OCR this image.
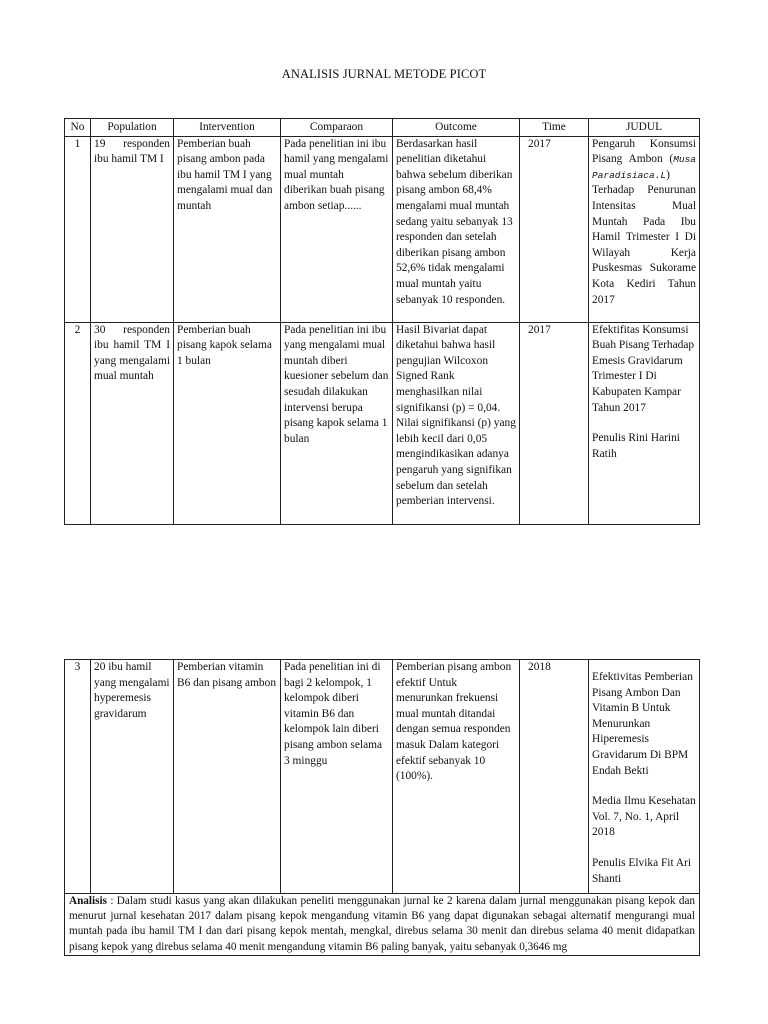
ANALISIS JURNAL METODE PICOT
No	Population	Intervention	Comparaon	Outcome	Time	JUDUL
1	19 responden ibu hamil TM I	Pemberian buah pisang ambon pada ibu hamil TM I yang mengalami mual dan muntah	Pada penelitian ini ibu hamil yang mengalami mual muntah diberikan buah pisang ambon setiap......	Berdasarkan hasil penelitian diketahui bahwa sebelum diberikan pisang ambon 68,4% mengalami mual muntah sedang yaitu sebanyak 13 responden dan setelah diberikan pisang ambon 52,6% tidak mengalami mual muntah yaitu sebanyak 10 responden.	2017	Pengaruh Konsumsi Pisang Ambon (Musa Paradisiaca.L) Terhadap Penurunan Intensitas Mual Muntah Pada Ibu Hamil Trimester I Di Wilayah Kerja Puskesmas Sukorame Kota Kediri Tahun 2017
2	30 responden ibu hamil TM I yang mengalami mual muntah	Pemberian buah pisang kapok selama 1 bulan	Pada penelitian ini ibu yang mengalami mual muntah diberi kuesioner sebelum dan sesudah dilakukan intervensi berupa pisang kapok selama 1 bulan	Hasil Bivariat dapat diketahui bahwa hasil pengujian Wilcoxon Signed Rank menghasilkan nilai signifikansi (p) = 0,04. Nilai signifikansi (p) yang lebih kecil dari 0,05 mengindikasikan adanya pengaruh yang signifikan sebelum dan setelah pemberian intervensi.	2017	Efektifitas Konsumsi Buah Pisang Terhadap Emesis Gravidarum Trimester I Di Kabupaten Kampar Tahun 2017
Penulis Rini Harini Ratih
3	20 ibu hamil yang mengalami hyperemesis gravidarum	Pemberian vitamin B6 dan pisang ambon	Pada penelitian ini di bagi 2 kelompok, 1 kelompok diberi vitamin B6 dan kelompok lain diberi pisang ambon selama 3 minggu	Pemberian pisang ambon efektif Untuk menurunkan frekuensi mual muntah ditandai dengan semua responden masuk Dalam kategori efektif sebanyak 10 (100%).	2018	
Efektivitas Pemberian Pisang Ambon Dan Vitamin B Untuk Menurunkan Hiperemesis Gravidarum Di BPM Endah Bekti
Media Ilmu Kesehatan Vol. 7, No. 1, April 2018
Penulis Elvika Fit Ari Shanti

Analisis : Dalam studi kasus yang akan dilakukan peneliti menggunakan jurnal ke 2 karena dalam jurnal menggunakan pisang kepok dan menurut jurnal kesehatan 2017 dalam pisang kepok mengandung vitamin B6 yang dapat digunakan sebagai alternatif mengurangi mual muntah pada ibu hamil TM I dan dari pisang kepok mentah, mengkal, direbus selama 30 menit dan direbus selama 40 menit didapatkan pisang kepok yang direbus selama 40 menit mengandung vitamin B6 paling banyak, yaitu sebanyak 0,3646 mg
